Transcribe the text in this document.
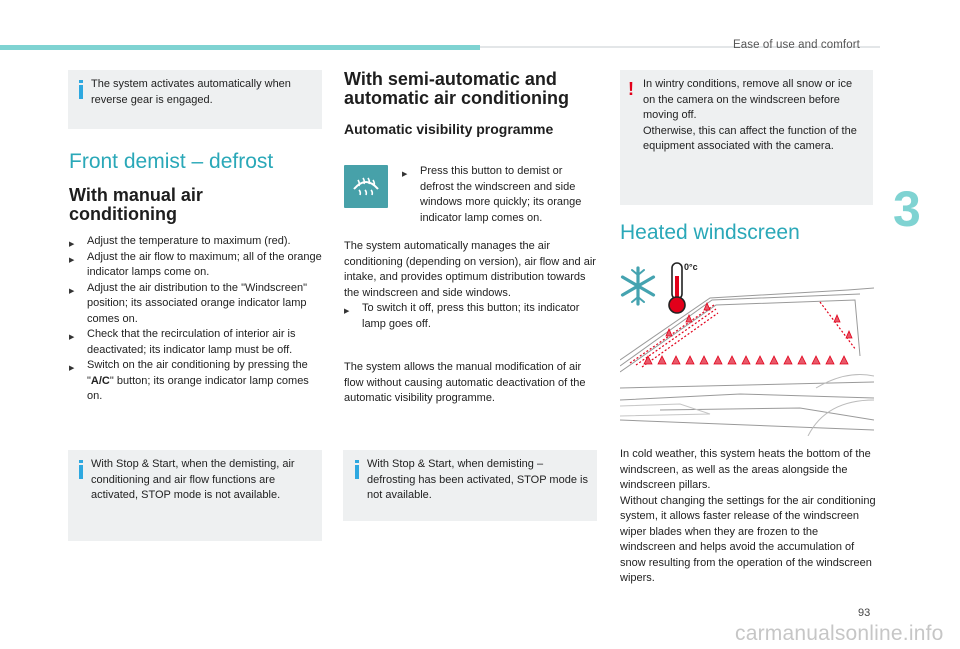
Ease of use and comfort
3
The system activates automatically when reverse gear is engaged.
Front demist – defrost
With manual air
conditioning
▶ Adjust the temperature to maximum (red).
▶ Adjust the air flow to maximum; all of the orange indicator lamps come on.
▶ Adjust the air distribution to the "Windscreen" position; its associated orange indicator lamp comes on.
▶ Check that the recirculation of interior air is deactivated; its indicator lamp must be off.
▶ Switch on the air conditioning by pressing the "A/C" button; its orange indicator lamp comes on.
With Stop & Start, when the demisting, air conditioning and air flow functions are activated, STOP mode is not available.
With semi-automatic and
automatic air conditioning
Automatic visibility programme
▶ Press this button to demist or defrost the windscreen and side windows more quickly; its orange indicator lamp comes on.
The system automatically manages the air conditioning (depending on version), air flow and air intake, and provides optimum distribution towards the windscreen and side windows.
▶ To switch it off, press this button; its indicator lamp goes off.
The system allows the manual modification of air flow without causing automatic deactivation of the automatic visibility programme.
With Stop & Start, when demisting – defrosting has been activated, STOP mode is not available.
! In wintry conditions, remove all snow or ice on the camera on the windscreen before moving off.
Otherwise, this can affect the function of the equipment associated with the camera.
Heated windscreen
0°c
In cold weather, this system heats the bottom of the windscreen, as well as the areas alongside the windscreen pillars.
Without changing the settings for the air conditioning system, it allows faster release of the windscreen wiper blades when they are frozen to the windscreen and helps avoid the accumulation of snow resulting from the operation of the windscreen wipers.
93
carmanualsonline.info
